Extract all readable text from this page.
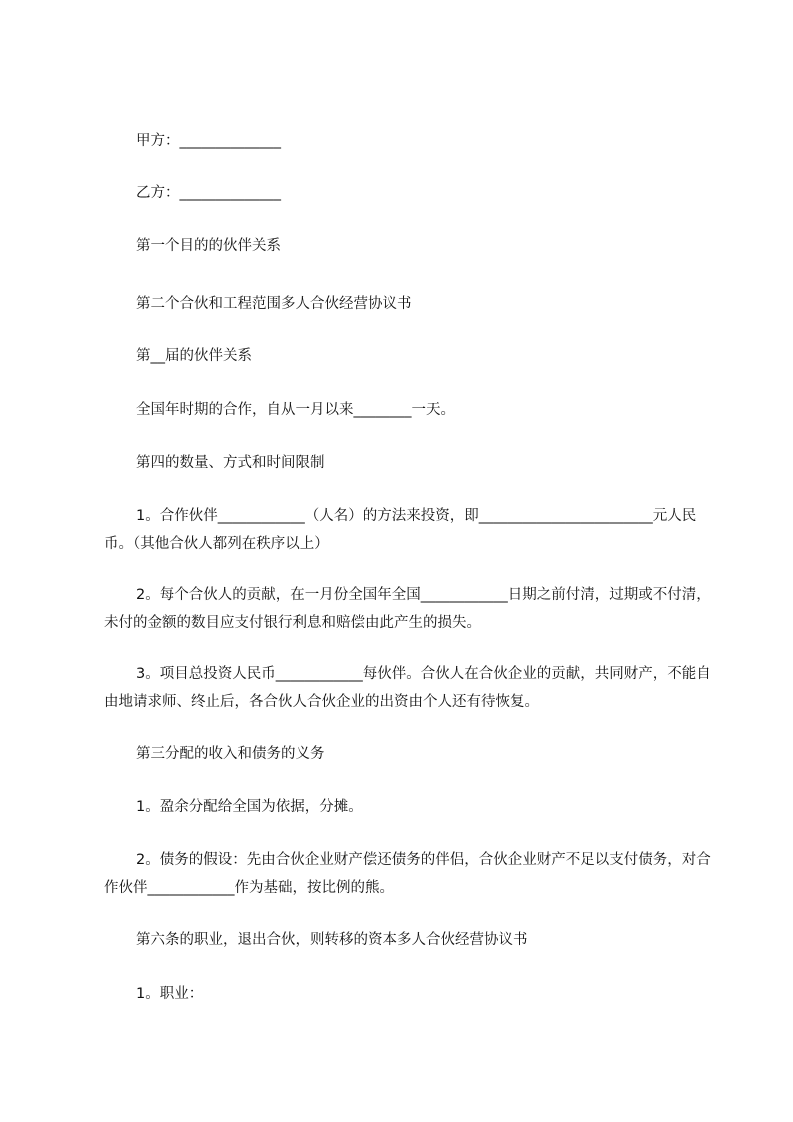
甲方：______________

乙方：______________

第一个目的的伙伴关系

第二个合伙和工程范围多人合伙经营协议书

第__届的伙伴关系

全国年时期的合作，自从一月以来________一天。

第四的数量、方式和时间限制

1。合作伙伴____________（人名）的方法来投资，即________________________元人民币。（其他合伙人都列在秩序以上）

2。每个合伙人的贡献，在一月份全国年全国____________日期之前付清，过期或不付清，未付的金额的数目应支付银行利息和赔偿由此产生的损失。

3。项目总投资人民币____________每伙伴。合伙人在合伙企业的贡献，共同财产，不能自由地请求师、终止后，各合伙人合伙企业的出资由个人还有待恢复。

第三分配的收入和债务的义务

1。盈余分配给全国为依据，分摊。

2。债务的假设：先由合伙企业财产偿还债务的伴侣，合伙企业财产不足以支付债务，对合作伙伴____________作为基础，按比例的熊。

第六条的职业，退出合伙，则转移的资本多人合伙经营协议书

1。职业：
